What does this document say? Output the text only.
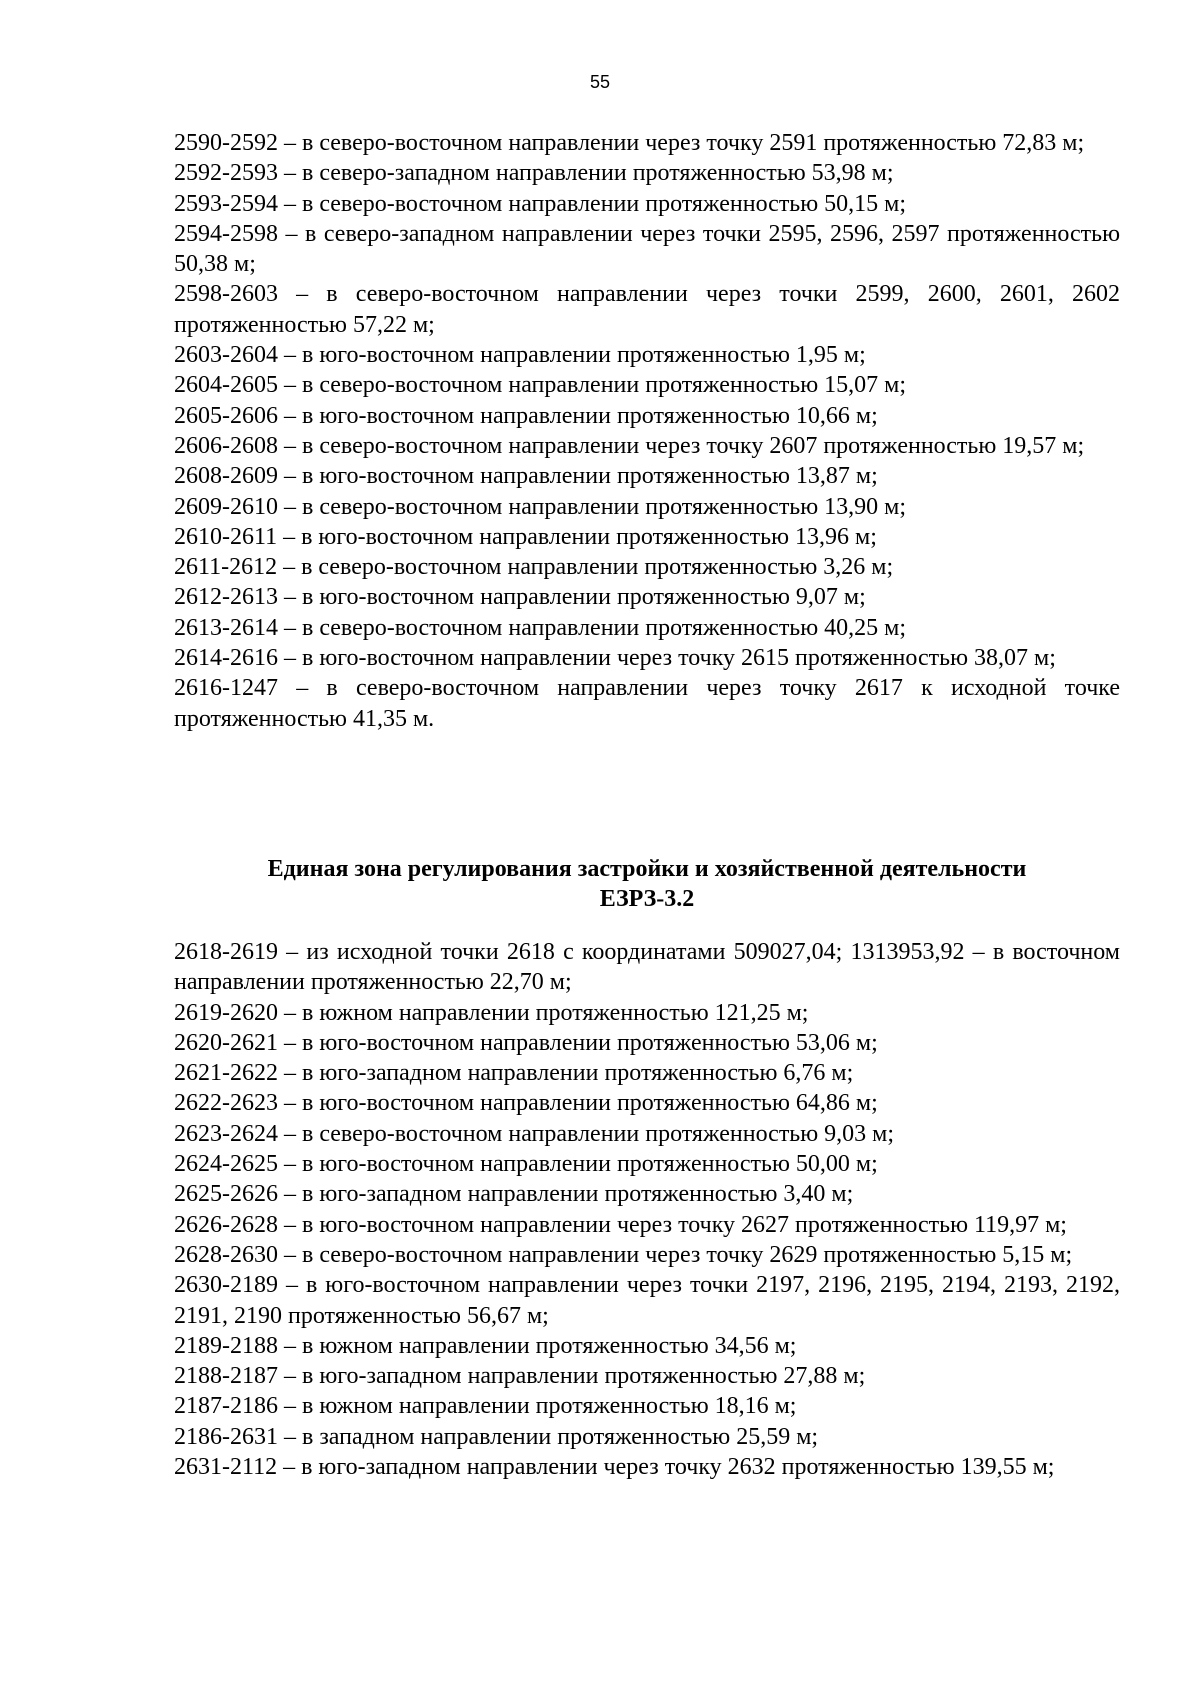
55

2590-2592 – в северо-восточном направлении через точку 2591 протяженностью 72,83 м;

2592-2593 – в северо-западном направлении протяженностью 53,98 м;

2593-2594 – в северо-восточном направлении протяженностью 50,15 м;

2594-2598 – в северо-западном направлении через точки 2595, 2596, 2597 протяженностью 50,38 м;

2598-2603 – в северо-восточном направлении через точки 2599, 2600, 2601, 2602 протяженностью 57,22 м;

2603-2604 – в юго-восточном направлении протяженностью 1,95 м;

2604-2605 – в северо-восточном направлении протяженностью 15,07 м;

2605-2606 – в юго-восточном направлении протяженностью 10,66 м;

2606-2608 – в северо-восточном направлении через точку 2607 протяженностью 19,57 м;

2608-2609 – в юго-восточном направлении протяженностью 13,87 м;

2609-2610 – в северо-восточном направлении протяженностью 13,90 м;

2610-2611 – в юго-восточном направлении протяженностью 13,96 м;

2611-2612 – в северо-восточном направлении протяженностью 3,26 м;

2612-2613 – в юго-восточном направлении протяженностью 9,07 м;

2613-2614 – в северо-восточном направлении протяженностью 40,25 м;

2614-2616 – в юго-восточном направлении через точку 2615 протяженностью 38,07 м;

2616-1247 – в северо-восточном направлении через точку 2617 к исходной точке протяженностью 41,35 м.

Единая зона регулирования застройки и хозяйственной деятельности
ЕЗРЗ-3.2

2618-2619 – из исходной точки 2618 с координатами 509027,04; 1313953,92 – в восточном направлении протяженностью 22,70 м;

2619-2620 – в южном направлении протяженностью 121,25 м;

2620-2621 – в юго-восточном направлении протяженностью 53,06 м;

2621-2622 – в юго-западном направлении протяженностью 6,76 м;

2622-2623 – в юго-восточном направлении протяженностью 64,86 м;

2623-2624 – в северо-восточном направлении протяженностью 9,03 м;

2624-2625 – в юго-восточном направлении протяженностью 50,00 м;

2625-2626 – в юго-западном направлении протяженностью 3,40 м;

2626-2628 – в юго-восточном направлении через точку 2627 протяженностью 119,97 м;

2628-2630 – в северо-восточном направлении через точку 2629 протяженностью 5,15 м;

2630-2189 – в юго-восточном направлении через точки 2197, 2196, 2195, 2194, 2193, 2192, 2191, 2190 протяженностью 56,67 м;

2189-2188 – в южном направлении протяженностью 34,56 м;

2188-2187 – в юго-западном направлении протяженностью 27,88 м;

2187-2186 – в южном направлении протяженностью 18,16 м;

2186-2631 – в западном направлении протяженностью 25,59 м;

2631-2112 – в юго-западном направлении через точку 2632 протяженностью 139,55 м;
